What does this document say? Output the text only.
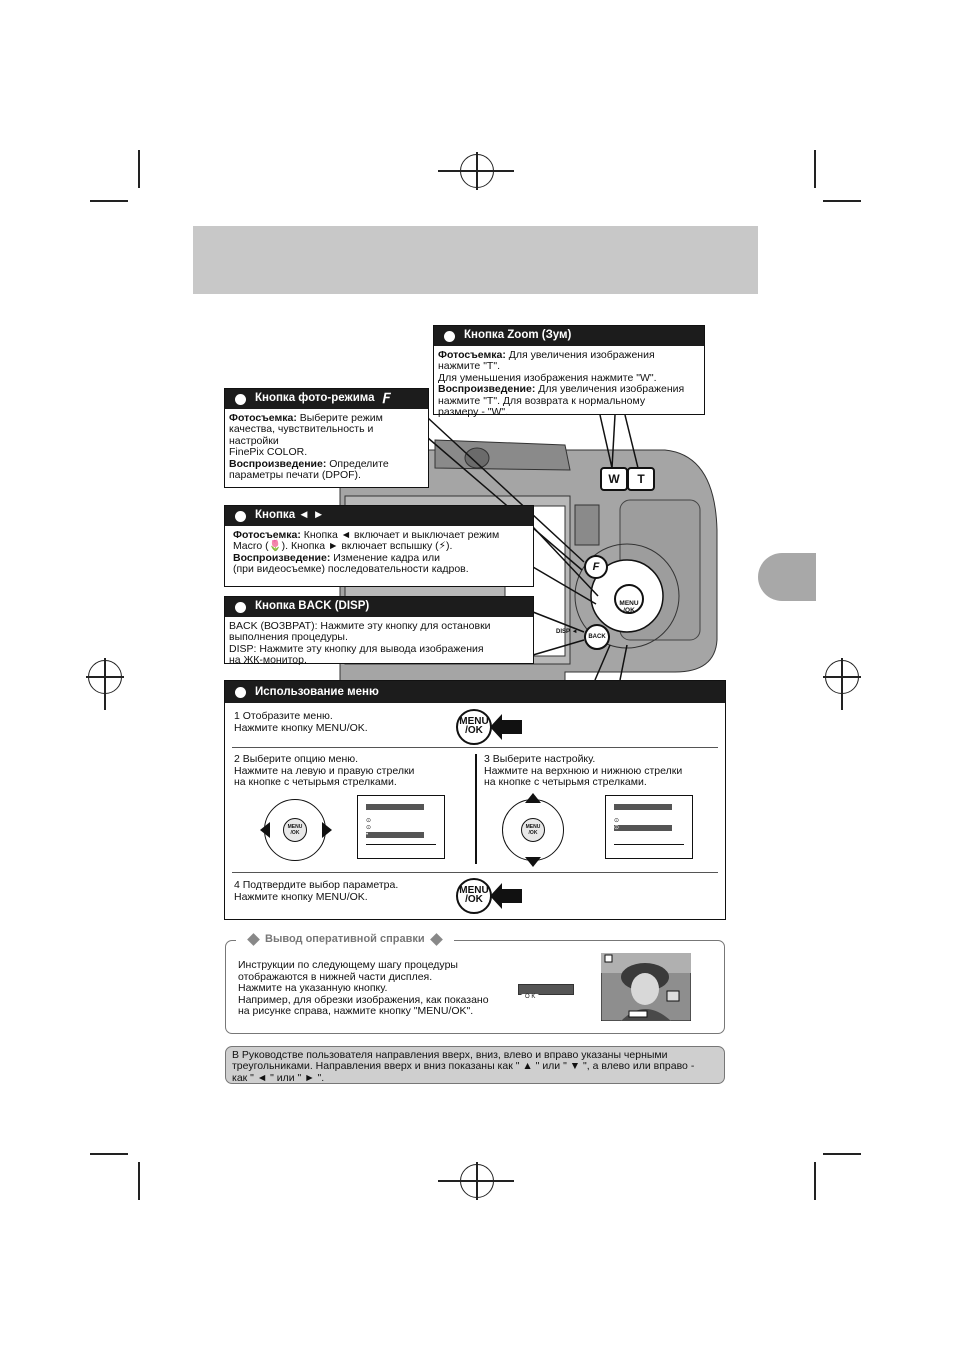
W	T
F

MENU
/OK

BACK
DISP ◄
Кнопка Zoom (Зум)
Фотосъемка: Для увеличения изображения
нажмите "T".
Для уменьшения изображения нажмите "W".
Воспроизведение: Для увеличения изображения
нажмите "T". Для возврата к нормальному
размеру - "W".
Кнопка фото-режима 𝘍
Фотосъемка: Выберите режим
качества, чувствительность и настройки
FinePix COLOR.
Воспроизведение: Определите
параметры печати (DPOF).
Кнопка ◄ ►
Фотосъемка: Кнопка ◄ включает и выключает режим
Macro (🌷). Кнопка ► включает вспышку (⚡).
Воспроизведение: Изменение кадра или
(при видеосъемке) последовательности кадров.
Кнопка BACK (DISP)
BACK (ВОЗВРАТ): Нажмите эту кнопку для остановки
выполнения процедуры.
DISP: Нажмите эту кнопку для вывода изображения
на ЖК-монитор.
Использование меню
1 Отобразите меню.
Нажмите кнопку MENU/OK.	MENU
/OK
2 Выберите опцию меню.
Нажмите на левую и правую стрелки
на кнопке с четырьмя стрелками.
3 Выберите настройку.
Нажмите на верхнюю и нижнюю стрелки
на кнопке с четырьмя стрелками.
MENU
/OK
⊙
⊙
•
MENU
/OK
⊙
⊙
4 Подтвердите выбор параметра.
Нажмите кнопку MENU/OK.	MENU
/OK
Вывод оперативной справки
Инструкции по следующему шагу процедуры
отображаются в нижней части дисплея.
Нажмите на указанную кнопку.
Например, для обрезки изображения, как показано
на рисунке справа, нажмите кнопку "MENU/OK".
O K
В Руководстве пользователя направления вверх, вниз, влево и вправо указаны черными
треугольниками. Направления вверх и вниз показаны как " ▲ " или " ▼ ", а влево или вправо -
как " ◄ " или " ► ".
